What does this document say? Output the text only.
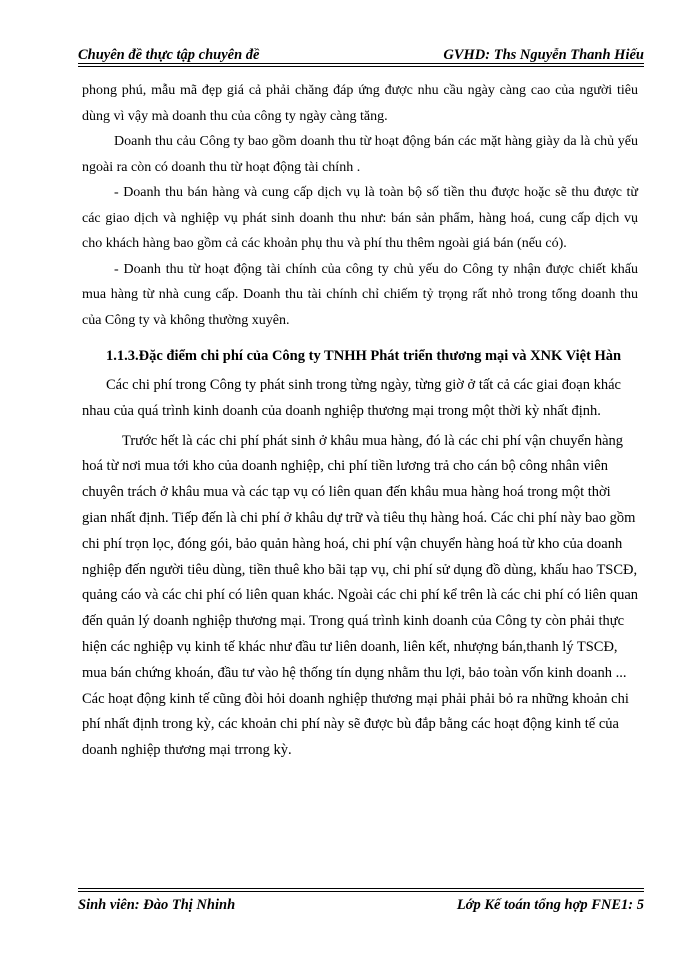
Chuyên đề thực tập chuyên đề	GVHD: Ths Nguyễn Thanh Hiếu

phong phú, mẫu mã đẹp giá cả phải chăng đáp ứng được nhu cầu ngày càng cao của người tiêu dùng vì vậy mà doanh thu của công ty ngày càng tăng.

Doanh thu cảu Công ty bao gồm doanh thu từ hoạt động bán các mặt hàng giày da là chủ yếu ngoài ra còn có doanh thu từ hoạt động tài chính .

- Doanh thu bán hàng và cung cấp dịch vụ là toàn bộ số tiền thu được hoặc sẽ thu được từ các giao dịch và nghiệp vụ phát sinh doanh thu như: bán sản phẩm, hàng hoá, cung cấp dịch vụ cho khách hàng bao gồm cả các khoản phụ thu và phí thu thêm ngoài giá bán (nếu có).

- Doanh thu từ hoạt động tài chính của công ty chủ yếu do Công ty nhận được chiết khấu mua hàng từ nhà cung cấp. Doanh thu tài chính chỉ chiếm tỷ trọng rất nhỏ trong tổng doanh thu của Công ty và không thường xuyên.

1.1.3.Đặc điểm chi phí của Công ty TNHH Phát triển thương mại và XNK Việt Hàn

Các chi phí trong Công ty phát sinh trong từng ngày, từng giờ ở tất cả các giai đoạn khác nhau của quá trình kinh doanh của doanh nghiệp thương mại trong một thời kỳ nhất định.

Trước hết là các chi phí phát sinh ở khâu mua hàng, đó là các chi phí vận chuyển hàng hoá từ nơi mua tới kho của doanh nghiệp, chi phí tiền lương trả cho cán bộ công nhân viên chuyên trách ở khâu mua và các tạp vụ có liên quan đến khâu mua hàng hoá trong một thời gian nhất định. Tiếp đến là chi phí ở khâu dự trữ và tiêu thụ hàng hoá. Các chi phí này bao gồm chi phí trọn lọc, đóng gói, bảo quản hàng hoá, chi phí vận chuyển hàng hoá từ kho của doanh nghiệp đến người tiêu dùng, tiền thuê kho bãi tạp vụ, chi phí sử dụng đồ dùng, khấu hao TSCĐ, quảng cáo và các chi phí có liên quan khác. Ngoài các chi phí kể trên là các chi phí có liên quan đến quản lý doanh nghiệp thương mại. Trong quá trình kinh doanh của Công ty còn phải thực hiện các nghiệp vụ kinh tế khác như đầu tư liên doanh, liên kết, nhượng bán,thanh lý TSCĐ, mua bán chứng khoán, đầu tư vào hệ thống tín dụng nhằm thu lợi, bảo toàn vốn kinh doanh ... Các hoạt động kinh tế cũng đòi hỏi doanh nghiệp thương mại phải phải bỏ ra những khoản chi phí nhất định trong kỳ, các khoản chi phí này sẽ được bù đắp bằng các hoạt động kinh tế của doanh nghiệp thương mại trrong kỳ.

Sinh viên: Đào Thị Nhinh	Lớp Kế toán tổng hợp FNE1: 5
